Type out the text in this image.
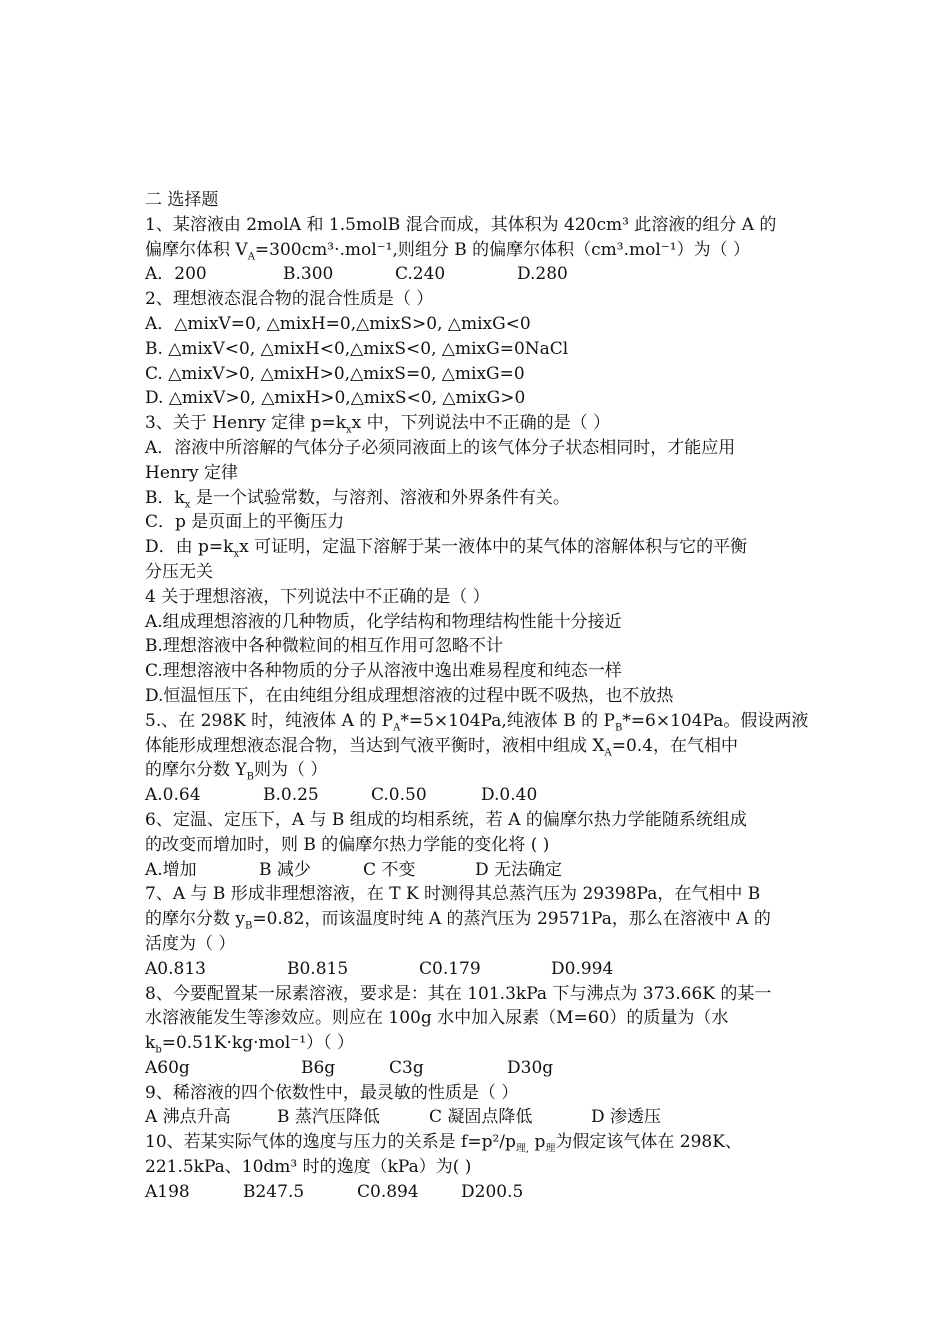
二 选择题
1、某溶液由 2molA 和 1.5molB 混合而成，其体积为 420cm³ 此溶液的组分 A 的
偏摩尔体积 $V_A=300cm^3\cdot.mol^{-1}$,则组分 B 的偏摩尔体积（cm³.mol⁻¹）为（ ）
A．200	B.300	C.240	D.280
2、理想液态混合物的混合性质是（ ）
A．△mixV=0, △mixH=0,△mixS>0, △mixG<0
B. △mixV<0, △mixH<0,△mixS<0, △mixG=0NaCl
C. △mixV>0, △mixH>0,△mixS=0, △mixG=0
D. △mixV>0, △mixH>0,△mixS<0, △mixG>0
3、关于 Henry 定律 $p=k_xx$ 中，下列说法中不正确的是（ ）
A．溶液中所溶解的气体分子必须同液面上的该气体分子状态相同时，才能应用
Henry 定律
B．$k_x$ 是一个试验常数，与溶剂、溶液和外界条件有关。
C．p 是页面上的平衡压力
D．由 $p=k_xx$ 可证明，定温下溶解于某一液体中的某气体的溶解体积与它的平衡
分压无关
4 关于理想溶液，下列说法中不正确的是（ ）
A.组成理想溶液的几种物质，化学结构和物理结构性能十分接近
B.理想溶液中各种微粒间的相互作用可忽略不计
C.理想溶液中各种物质的分子从溶液中逸出难易程度和纯态一样
D.恒温恒压下，在由纯组分组成理想溶液的过程中既不吸热，也不放热
5.、在 298K 时，纯液体 A 的 $P_A*=5\times 104Pa$,纯液体 B 的 $P_B*=6\times 104Pa$。假设两液
体能形成理想液态混合物，当达到气液平衡时，液相中组成 $X_A=0.4$，在气相中
的摩尔分数 $Y_B$则为（ ）
A.0.64	B.0.25	C.0.50	D.0.40
6、定温、定压下，A 与 B 组成的均相系统，若 A 的偏摩尔热力学能随系统组成
的改变而增加时，则 B 的偏摩尔热力学能的变化将 ( )
A.增加	B 减少	C 不变	D 无法确定
7、A 与 B 形成非理想溶液，在 T K 时测得其总蒸汽压为 29398Pa，在气相中 B
的摩尔分数 $y_B=0.82$，而该温度时纯 A 的蒸汽压为 29571Pa，那么在溶液中 A 的
活度为（ ）
A0.813	B0.815	C0.179	D0.994
8、今要配置某一尿素溶液，要求是：其在 101.3kPa 下与沸点为 373.66K 的某一
水溶液能发生等渗效应。则应在 100g 水中加入尿素（M=60）的质量为（水
$k_b=0.51K\cdot kg\cdot mol^{-1}$）（ ）
A60g	B6g	C3g	D30g
9、稀溶液的四个依数性中，最灵敏的性质是（ ）
A 沸点升高	B 蒸汽压降低	C 凝固点降低	D 渗透压
10、若某实际气体的逸度与压力的关系是 $f=p^2/p_{理,}$ $p_理$为假定该气体在 298K、
221.5kPa、10dm³ 时的逸度（kPa）为( )
A198	B247.5	C0.894	D200.5
